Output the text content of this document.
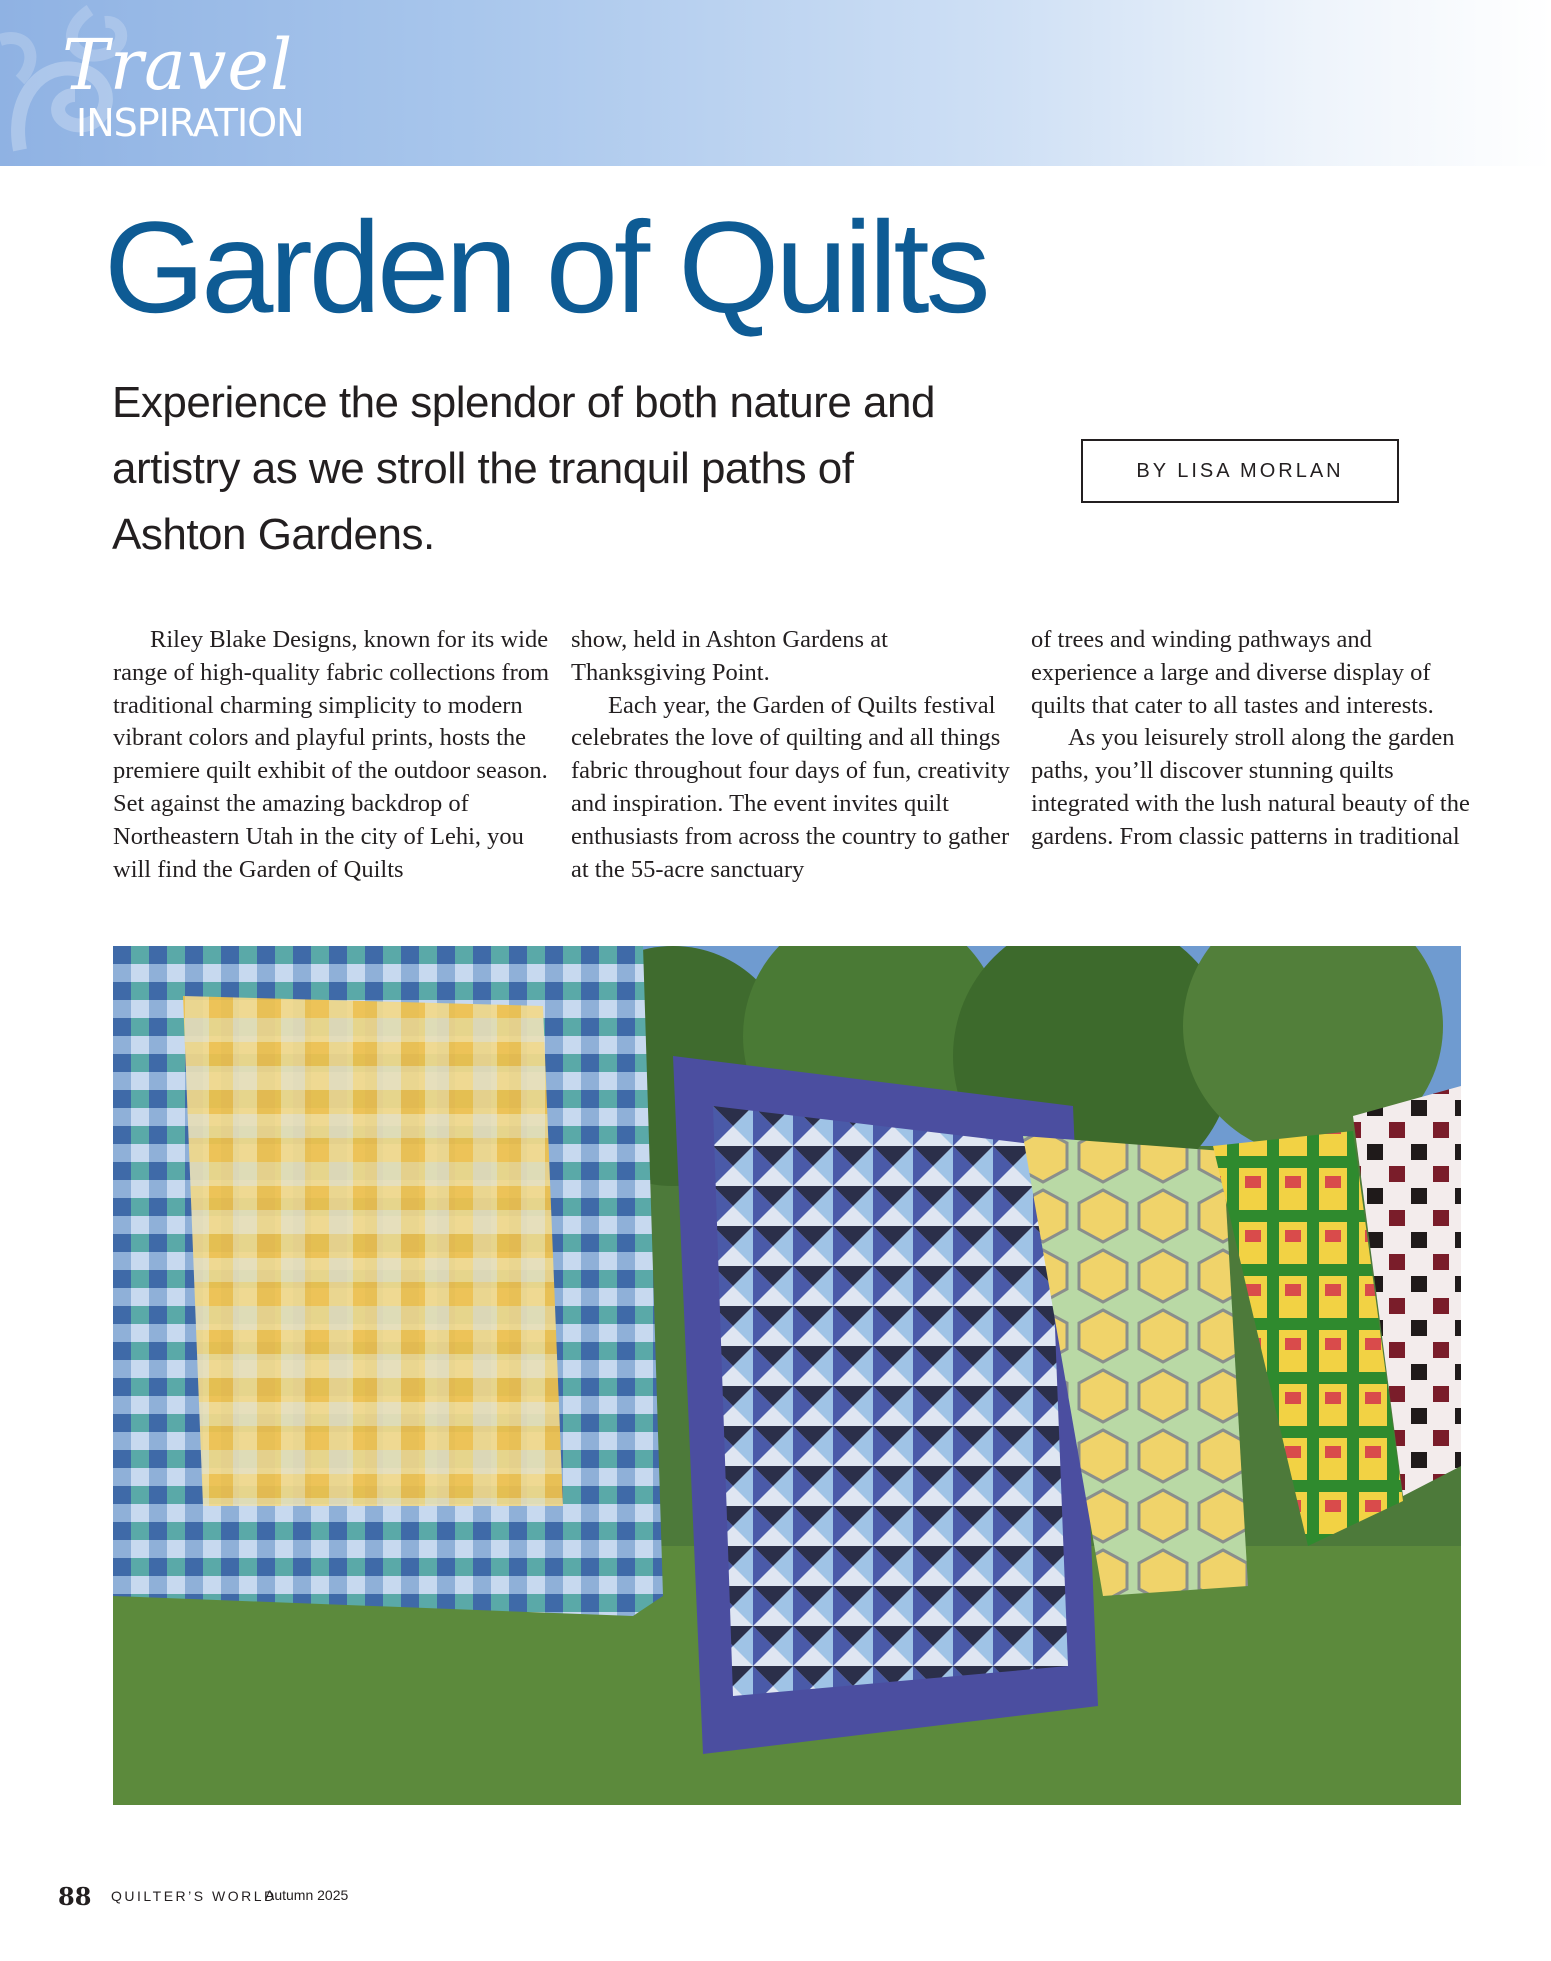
Travel
INSPIRATION
Garden of Quilts

Experience the splendor of both nature and artistry as we stroll the tranquil paths of Ashton Gardens.

BY LISA MORLAN

Riley Blake Designs, known for its wide range of high-quality fabric collections from traditional charming simplicity to modern vibrant colors and playful prints, hosts the premiere quilt exhibit of the outdoor season. Set against the amazing backdrop of Northeastern Utah in the city of Lehi, you will find the Garden of Quilts

show, held in Ashton Gardens at Thanksgiving Point.

Each year, the Garden of Quilts festival celebrates the love of quilting and all things fabric throughout four days of fun, creativity and inspiration. The event invites quilt enthusiasts from across the country to gather at the 55-acre sanctuary

of trees and winding pathways and experience a large and diverse display of quilts that cater to all tastes and interests.

As you leisurely stroll along the garden paths, you’ll discover stunning quilts integrated with the lush natural beauty of the gardens. From classic patterns in traditional

88 QUILTER’S WORLD
Autumn 2025
